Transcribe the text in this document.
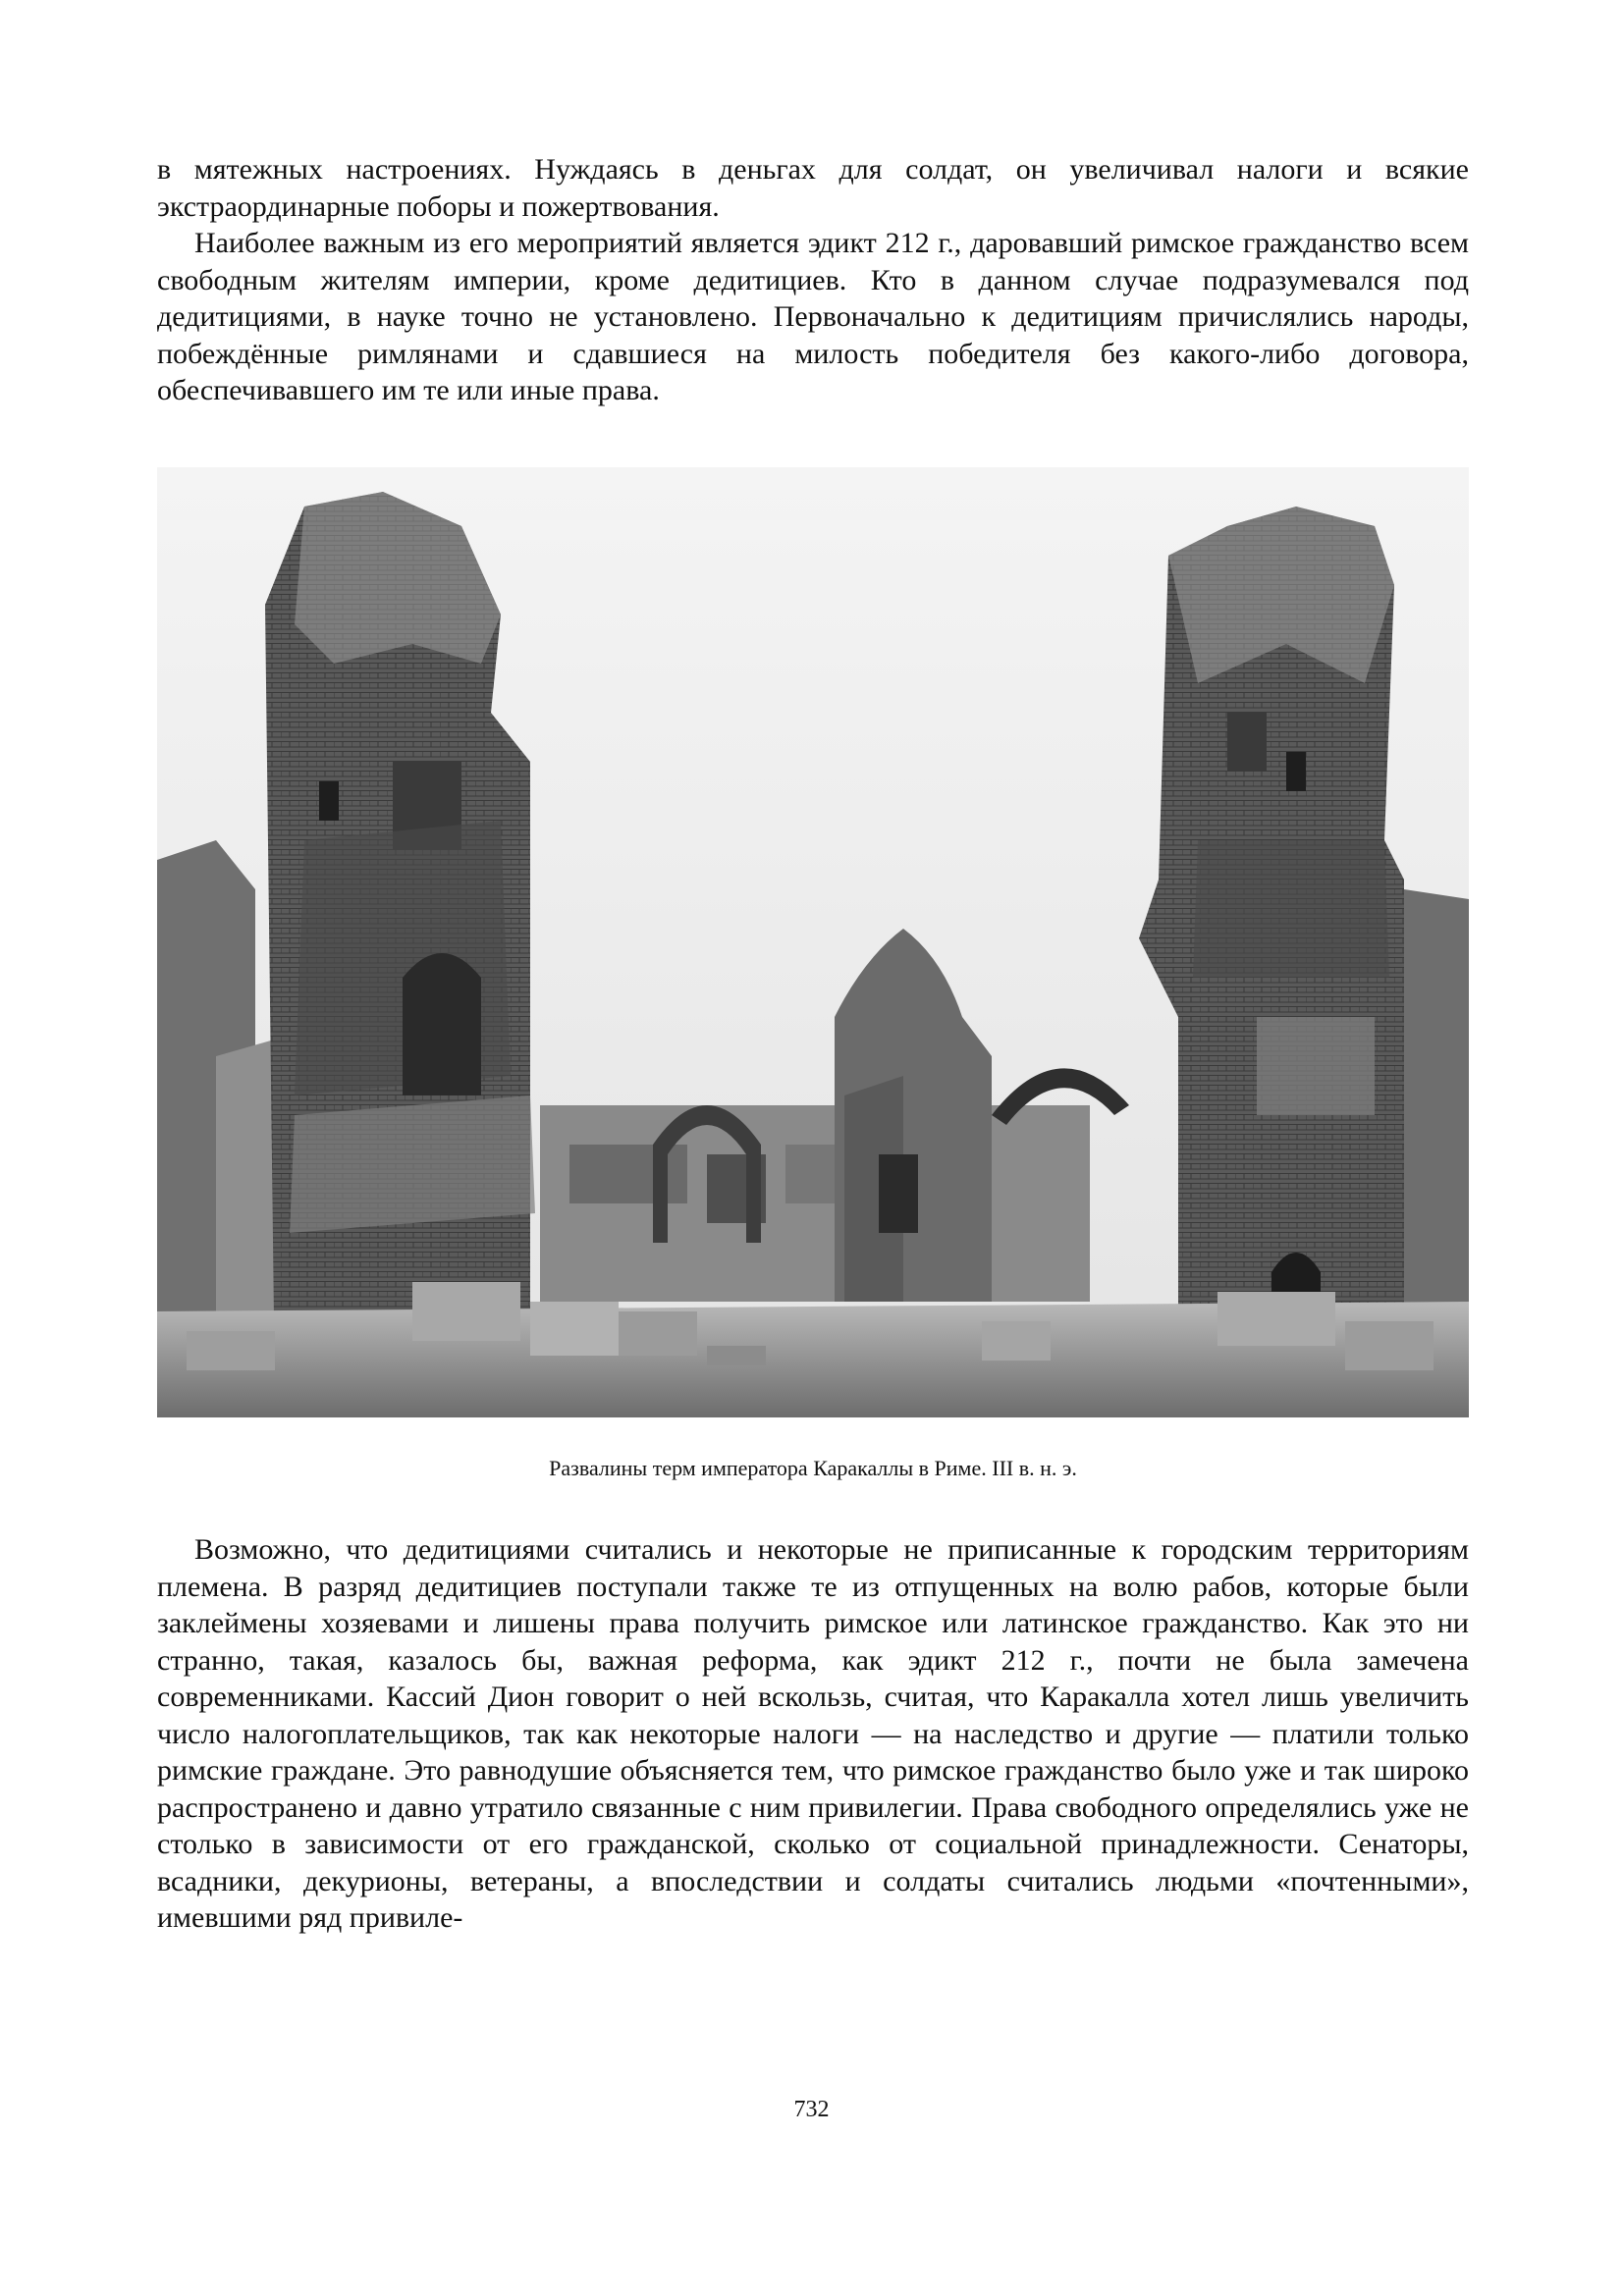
в мятежных настроениях. Нуждаясь в деньгах для солдат, он увеличивал налоги и всякие экстраординарные поборы и пожертвования.

Наиболее важным из его мероприятий является эдикт 212 г., даровавший римское гражданство всем свободным жителям империи, кроме дедитициев. Кто в данном случае подразумевался под дедитициями, в науке точно не установлено. Первоначально к дедитициям причислялись народы, побеждённые римлянами и сдавшиеся на милость победителя без какого-либо договора, обеспечивавшего им те или иные права.

Развалины терм императора Каракаллы в Риме. III в. н. э.

Возможно, что дедитициями считались и некоторые не приписанные к городским территориям племена. В разряд дедитициев поступали также те из отпущенных на волю рабов, которые были заклеймены хозяевами и лишены права получить римское или латинское гражданство. Как это ни странно, такая, казалось бы, важная реформа, как эдикт 212 г., почти не была замечена современниками. Кассий Дион говорит о ней вскользь, считая, что Каракалла хотел лишь увеличить число налогоплательщиков, так как некоторые налоги — на наследство и другие — платили только римские граждане. Это равнодушие объясняется тем, что римское гражданство было уже и так широко распространено и давно утратило связанные с ним привилегии. Права свободного определялись уже не столько в зависимости от его гражданской, сколько от социальной принадлежности. Сенаторы, всадники, декурионы, ветераны, а впоследствии и солдаты считались людьми «почтенными», имевшими ряд привиле-

732
